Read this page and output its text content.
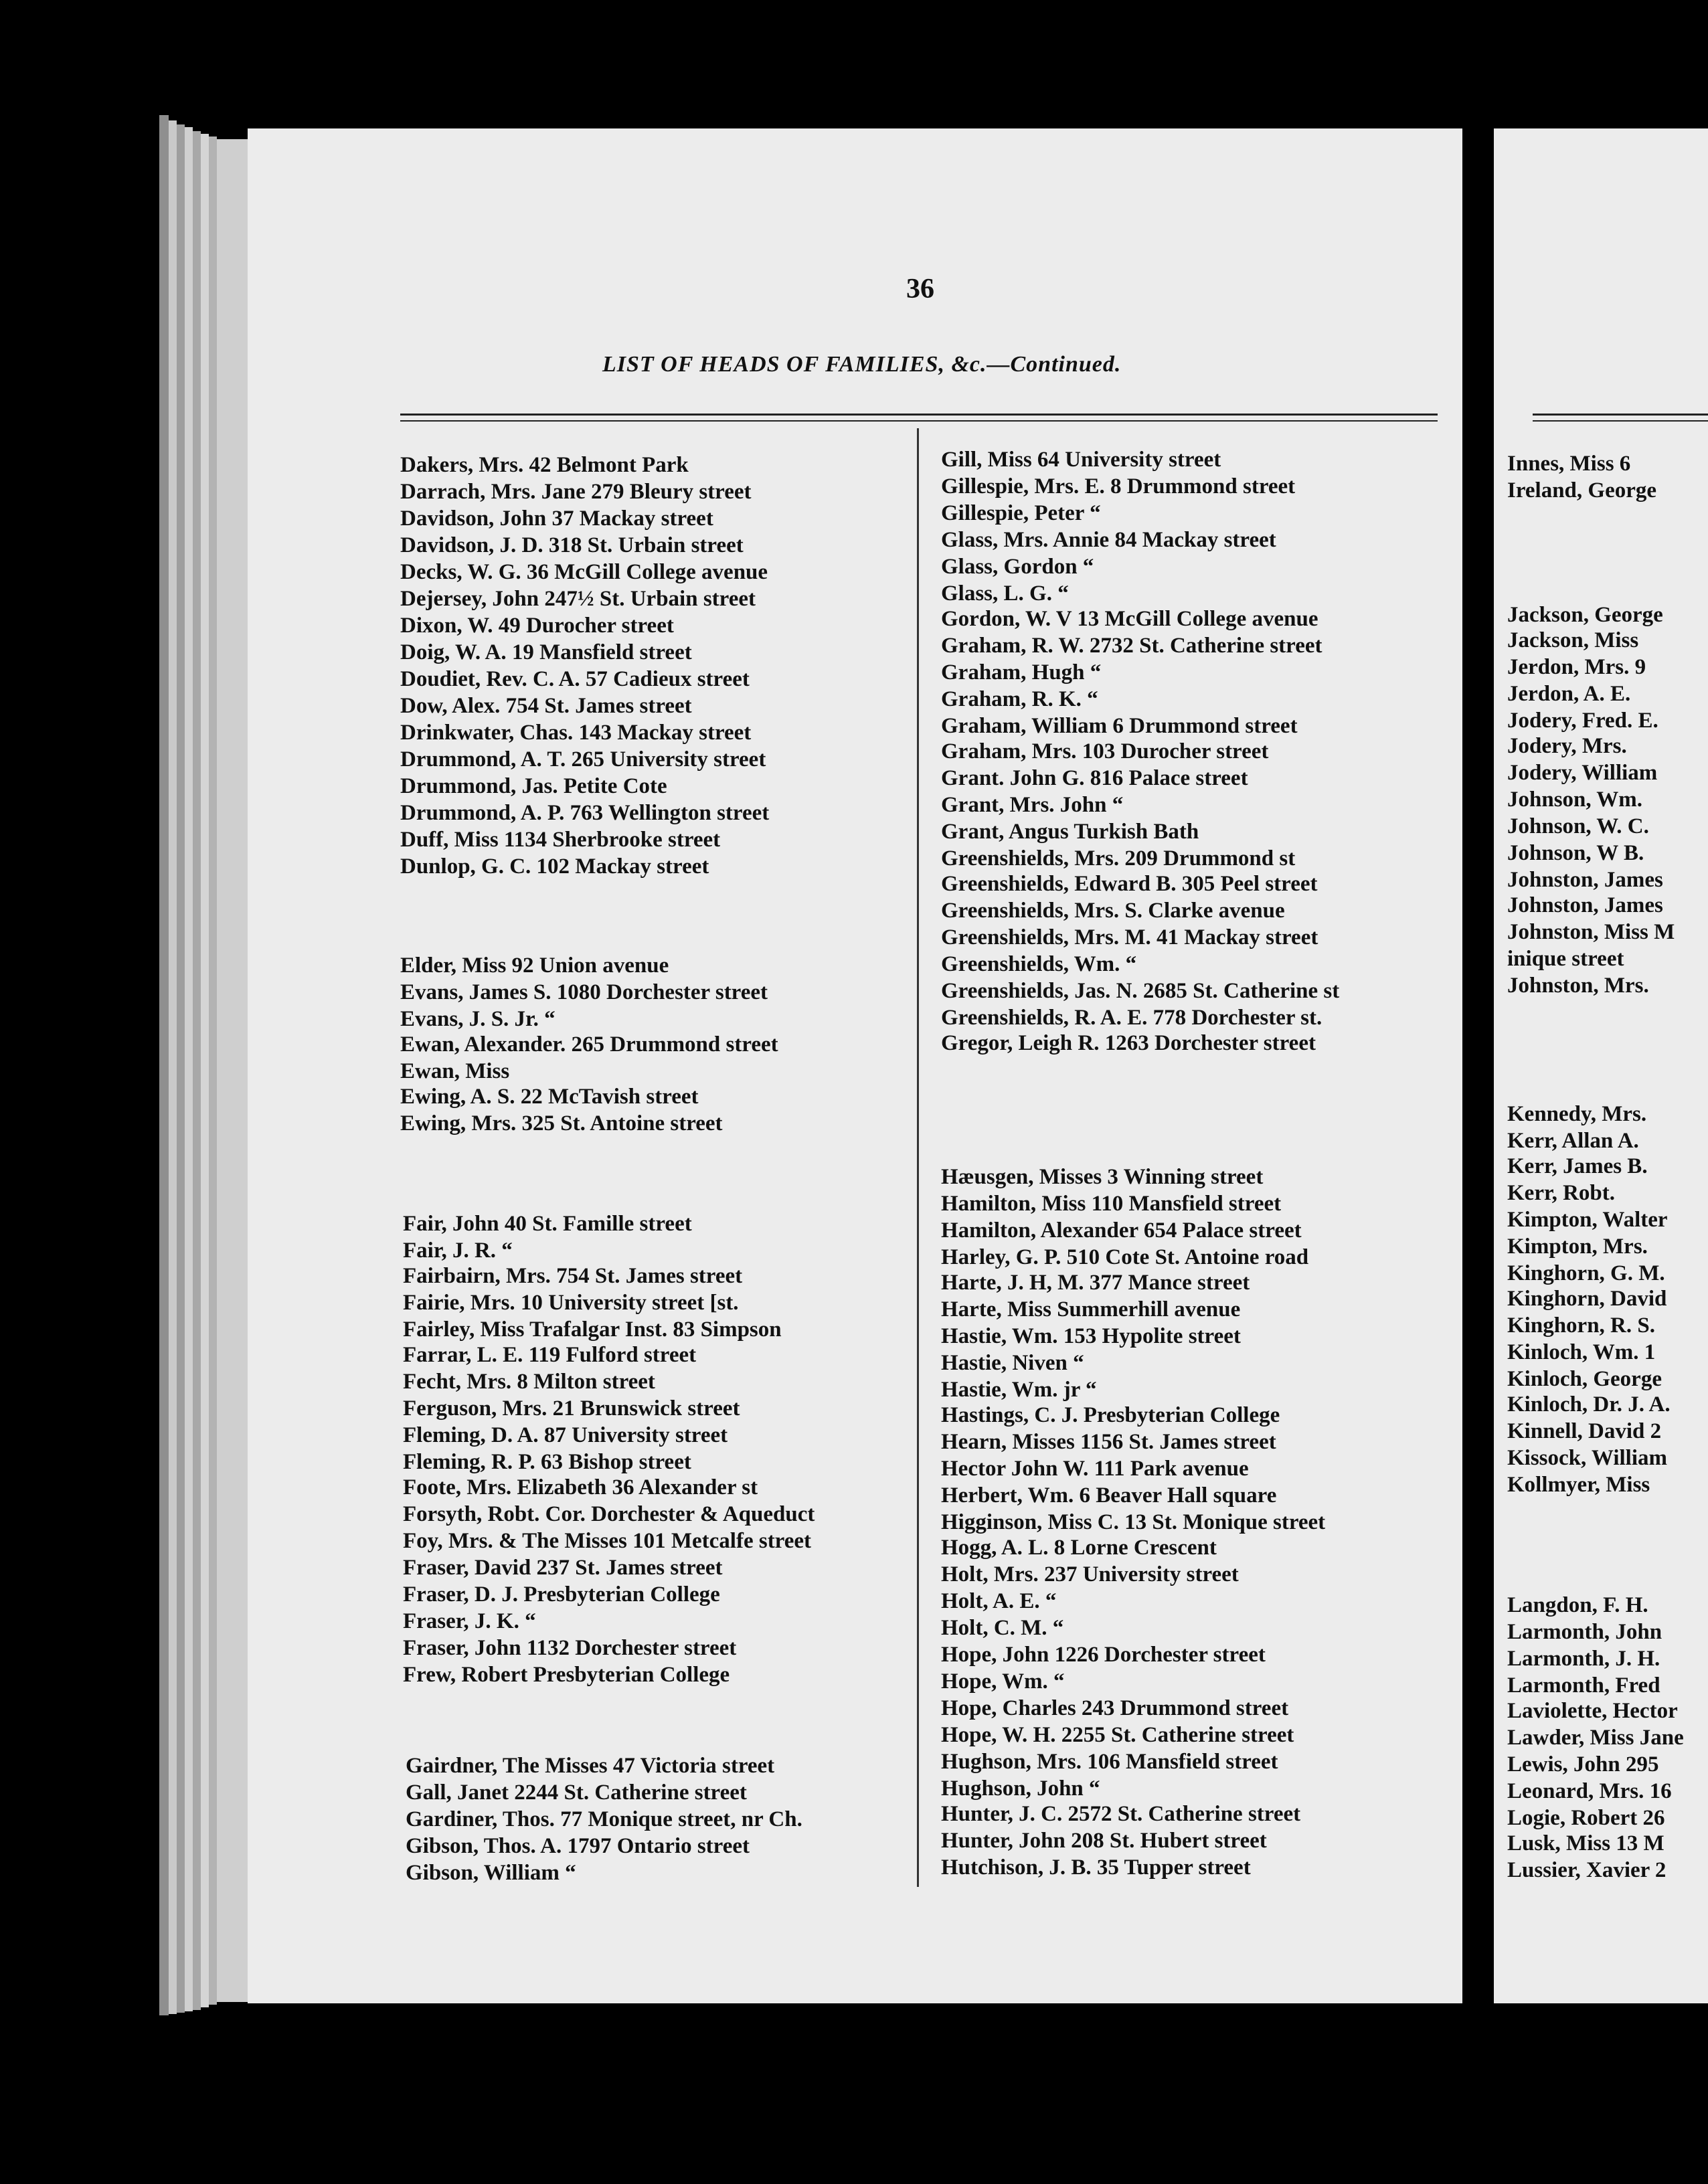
36
LIST OF HEADS OF FAMILIES, &c.—Continued.
Dakers, Mrs. 42 Belmont Park
Darrach, Mrs. Jane 279 Bleury street
Davidson, John 37 Mackay street
Davidson, J. D. 318 St. Urbain street
Decks, W. G. 36 McGill College avenue
Dejersey, John 247½ St. Urbain street
Dixon, W. 49 Durocher street
Doig, W. A. 19 Mansfield street
Doudiet, Rev. C. A. 57 Cadieux street
Dow, Alex. 754 St. James street
Drinkwater, Chas. 143 Mackay street
Drummond, A. T. 265 University street
Drummond, Jas. Petite Cote
Drummond, A. P. 763 Wellington street
Duff, Miss 1134 Sherbrooke street
Dunlop, G. C. 102 Mackay street
Elder, Miss 92 Union avenue
Evans, James S. 1080 Dorchester street
Evans, J. S. Jr. “
Ewan, Alexander. 265 Drummond street
Ewan, Miss
Ewing, A. S. 22 McTavish street
Ewing, Mrs. 325 St. Antoine street
Fair, John 40 St. Famille street
Fair, J. R. “
Fairbairn, Mrs. 754 St. James street
Fairie, Mrs. 10 University street [st.
Fairley, Miss Trafalgar Inst. 83 Simpson
Farrar, L. E. 119 Fulford street
Fecht, Mrs. 8 Milton street
Ferguson, Mrs. 21 Brunswick street
Fleming, D. A. 87 University street
Fleming, R. P. 63 Bishop street
Foote, Mrs. Elizabeth 36 Alexander st
Forsyth, Robt. Cor. Dorchester & Aqueduct
Foy, Mrs. & The Misses 101 Metcalfe street
Fraser, David 237 St. James street
Fraser, D. J. Presbyterian College
Fraser, J. K. “
Fraser, John 1132 Dorchester street
Frew, Robert Presbyterian College
Gairdner, The Misses 47 Victoria street
Gall, Janet 2244 St. Catherine street
Gardiner, Thos. 77 Monique street, nr Ch.
Gibson, Thos. A. 1797 Ontario street
Gibson, William “
Gill, Miss 64 University street
Gillespie, Mrs. E. 8 Drummond street
Gillespie, Peter “
Glass, Mrs. Annie 84 Mackay street
Glass, Gordon “
Glass, L. G. “
Gordon, W. V 13 McGill College avenue
Graham, R. W. 2732 St. Catherine street
Graham, Hugh “
Graham, R. K. “
Graham, William 6 Drummond street
Graham, Mrs. 103 Durocher street
Grant. John G. 816 Palace street
Grant, Mrs. John “
Grant, Angus Turkish Bath
Greenshields, Mrs. 209 Drummond st
Greenshields, Edward B. 305 Peel street
Greenshields, Mrs. S. Clarke avenue
Greenshields, Mrs. M. 41 Mackay street
Greenshields, Wm. “
Greenshields, Jas. N. 2685 St. Catherine st
Greenshields, R. A. E. 778 Dorchester st.
Gregor, Leigh R. 1263 Dorchester street
Hæusgen, Misses 3 Winning street
Hamilton, Miss 110 Mansfield street
Hamilton, Alexander 654 Palace street
Harley, G. P. 510 Cote St. Antoine road
Harte, J. H, M. 377 Mance street
Harte, Miss Summerhill avenue
Hastie, Wm. 153 Hypolite street
Hastie, Niven “
Hastie, Wm. jr “
Hastings, C. J. Presbyterian College
Hearn, Misses 1156 St. James street
Hector John W. 111 Park avenue
Herbert, Wm. 6 Beaver Hall square
Higginson, Miss C. 13 St. Monique street
Hogg, A. L. 8 Lorne Crescent
Holt, Mrs. 237 University street
Holt, A. E. “
Holt, C. M. “
Hope, John 1226 Dorchester street
Hope, Wm. “
Hope, Charles 243 Drummond street
Hope, W. H. 2255 St. Catherine street
Hughson, Mrs. 106 Mansfield street
Hughson, John “
Hunter, J. C. 2572 St. Catherine street
Hunter, John 208 St. Hubert street
Hutchison, J. B. 35 Tupper street
Innes, Miss 6
Ireland, George
Jackson, George
Jackson, Miss
Jerdon, Mrs. 9
Jerdon, A. E.
Jodery, Fred. E.
Jodery, Mrs.
Jodery, William
Johnson, Wm.
Johnson, W. C.
Johnson, W B.
Johnston, James
Johnston, James
Johnston, Miss M
inique street
Johnston, Mrs.
Kennedy, Mrs.
Kerr, Allan A.
Kerr, James B.
Kerr, Robt.
Kimpton, Walter
Kimpton, Mrs.
Kinghorn, G. M.
Kinghorn, David
Kinghorn, R. S.
Kinloch, Wm. 1
Kinloch, George
Kinloch, Dr. J. A.
Kinnell, David 2
Kissock, William
Kollmyer, Miss
Langdon, F. H.
Larmonth, John
Larmonth, J. H.
Larmonth, Fred
Laviolette, Hector
Lawder, Miss Jane
Lewis, John 295
Leonard, Mrs. 16
Logie, Robert 26
Lusk, Miss 13 M
Lussier, Xavier 2
